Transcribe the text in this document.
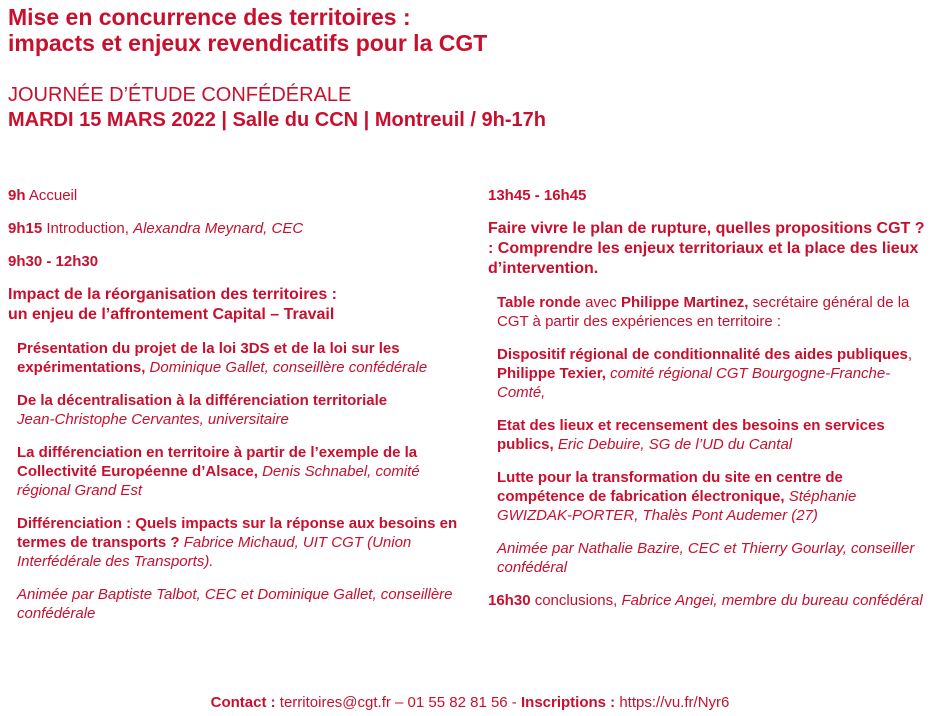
Mise en concurrence des territoires :
impacts et enjeux revendicatifs pour la CGT
JOURNÉE D’ÉTUDE CONFÉDÉRALE
MARDI 15 MARS 2022 | Salle du CCN | Montreuil / 9h-17h

9h Accueil

9h15 Introduction, Alexandra Meynard, CEC

9h30 - 12h30

Impact de la réorganisation des territoires :
un enjeu de l’affrontement Capital – Travail

Présentation du projet de la loi 3DS et de la loi sur les expérimentations, Dominique Gallet, conseillère confédérale

De la décentralisation à la différenciation territoriale
Jean-Christophe Cervantes, universitaire

La différenciation en territoire à partir de l’exemple de la Collectivité Européenne d’Alsace, Denis Schnabel, comité régional Grand Est

Différenciation : Quels impacts sur la réponse aux besoins en termes de transports ? Fabrice Michaud, UIT CGT (Union Interfédérale des Transports).

Animée par Baptiste Talbot, CEC et Dominique Gallet, conseillère confédérale

13h45 - 16h45

Faire vivre le plan de rupture, quelles propositions CGT ? : Comprendre les enjeux territoriaux et la place des lieux d’intervention.

Table ronde avec Philippe Martinez, secrétaire général de la CGT à partir des expériences en territoire :

Dispositif régional de conditionnalité des aides publiques, Philippe Texier, comité régional CGT Bourgogne-Franche-Comté,

Etat des lieux et recensement des besoins en services publics, Eric Debuire, SG de l’UD du Cantal

Lutte pour la transformation du site en centre de compétence de fabrication électronique, Stéphanie GWIZDAK-PORTER, Thalès Pont Audemer (27)

Animée par Nathalie Bazire, CEC et Thierry Gourlay, conseiller confédéral

16h30 conclusions, Fabrice Angei, membre du bureau confédéral

Contact : territoires@cgt.fr – 01 55 82 81 56 - Inscriptions : https://vu.fr/Nyr6
